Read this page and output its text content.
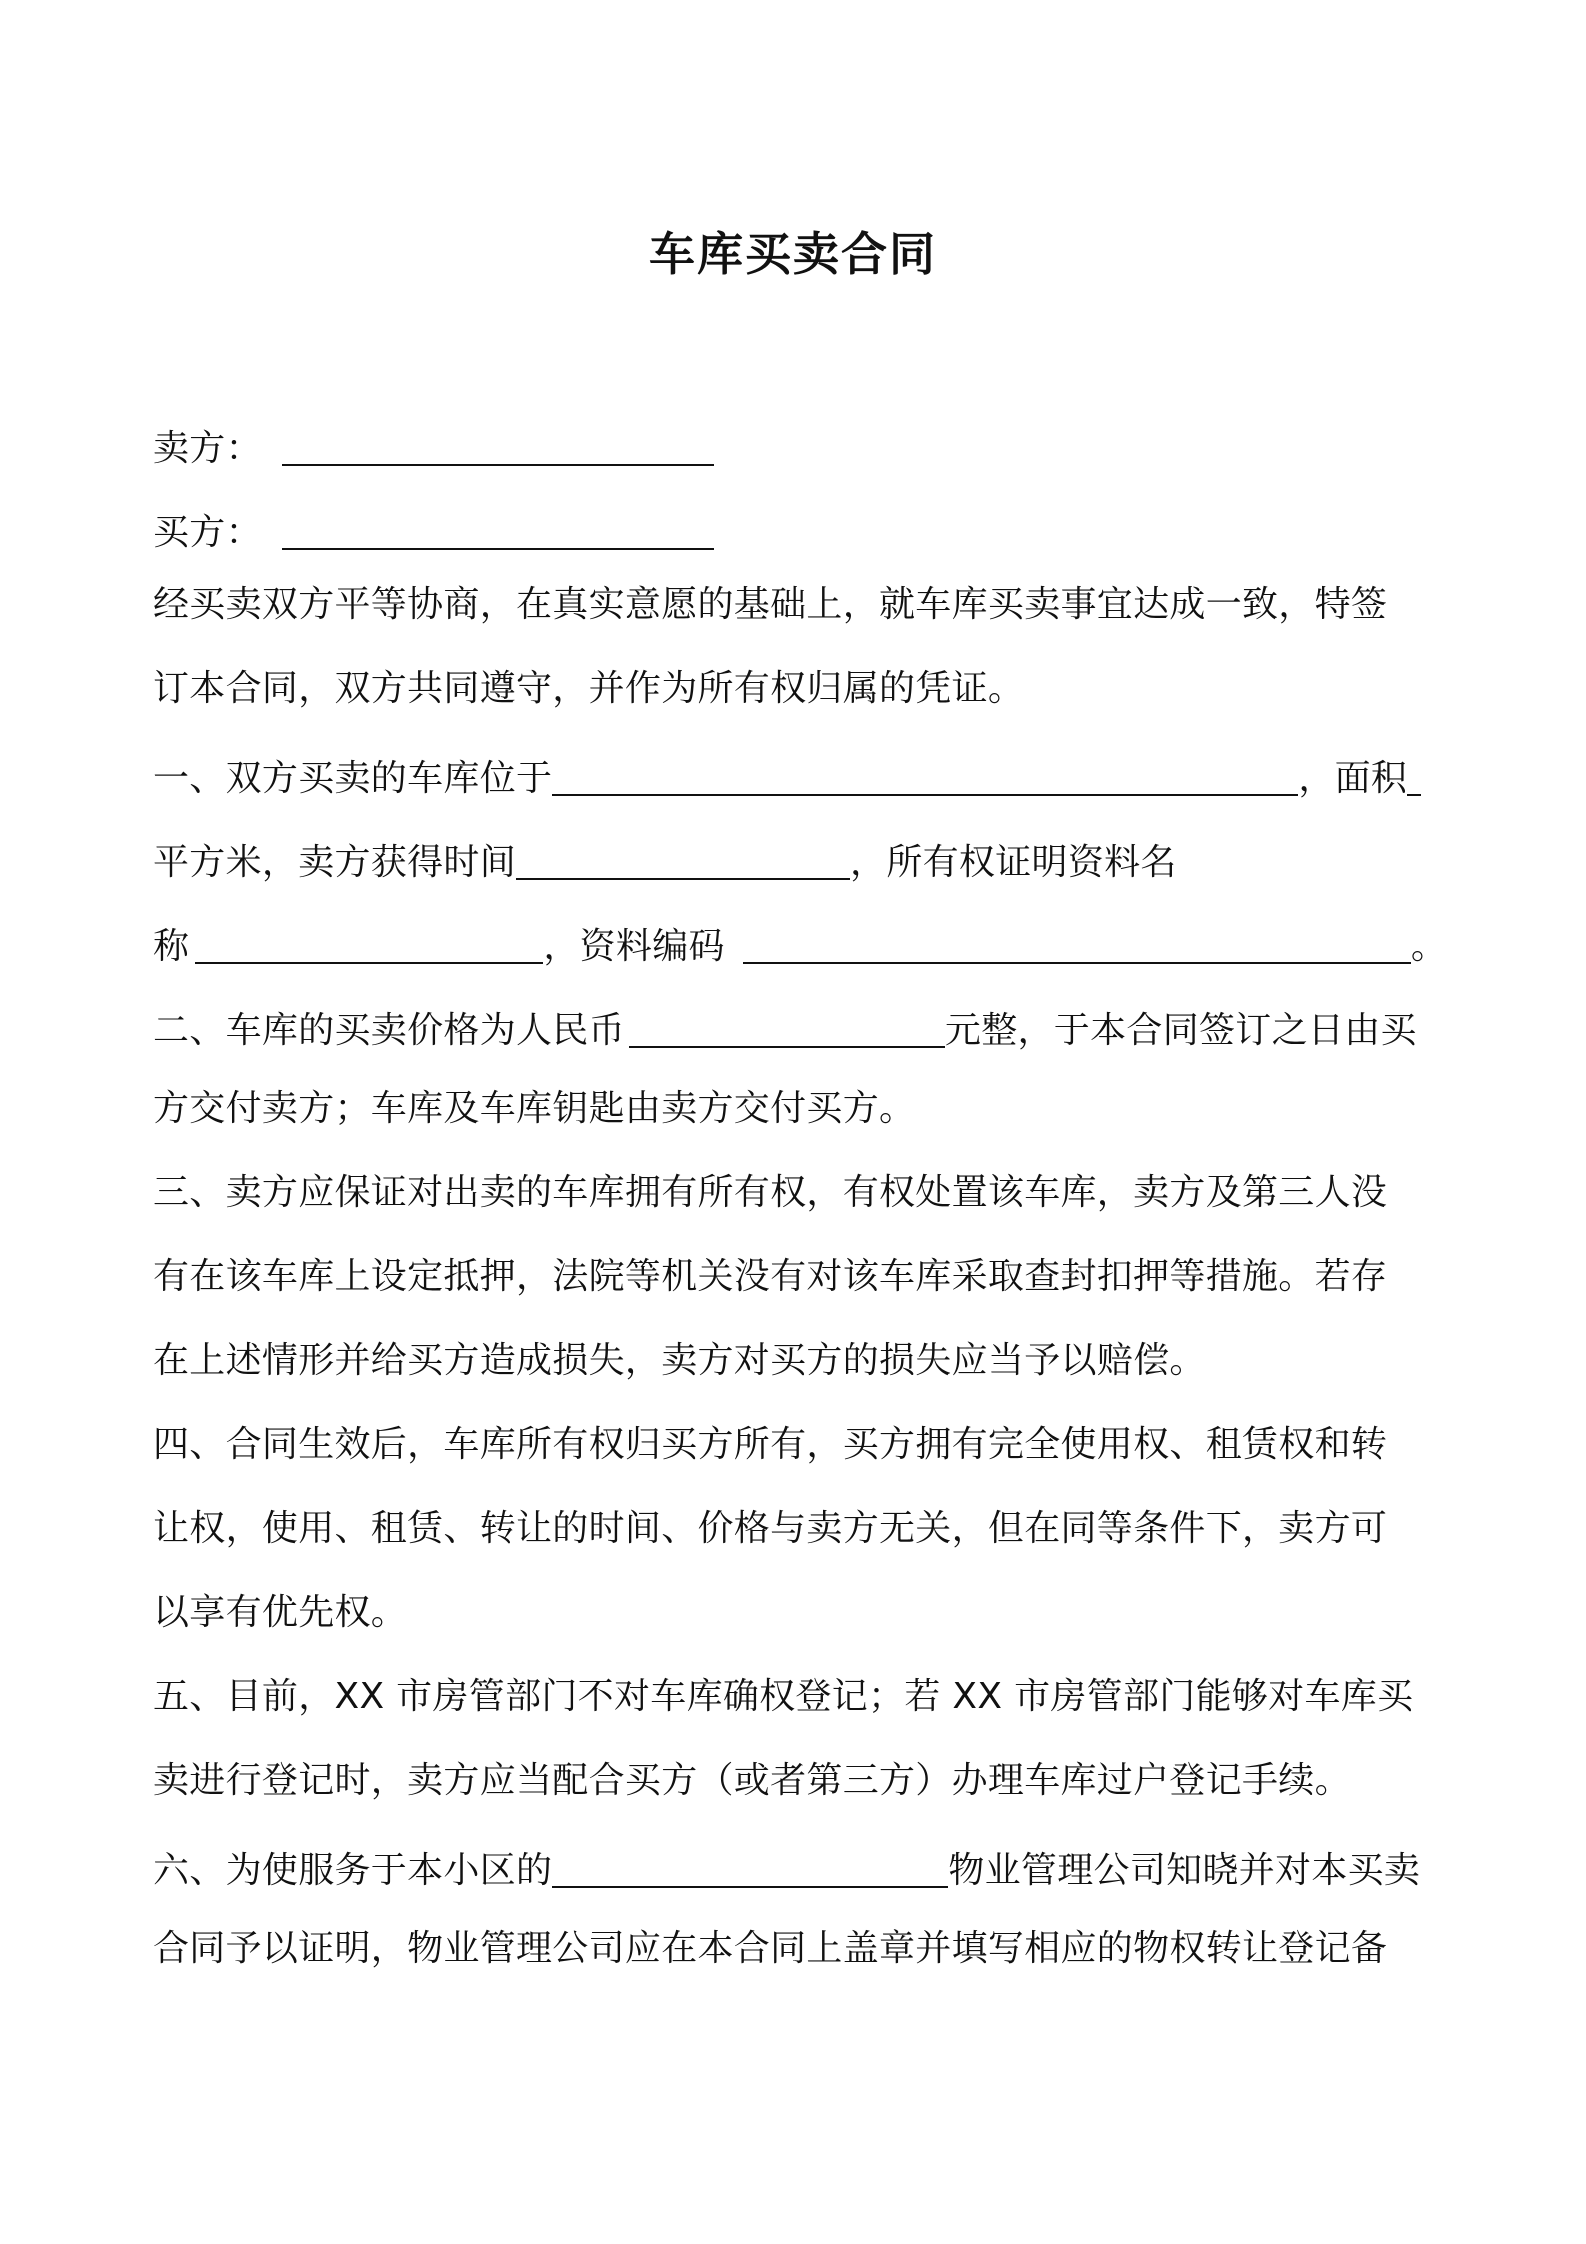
车库买卖合同
卖方：
买方：
经买卖双方平等协商，在真实意愿的基础上，就车库买卖事宜达成一致，特签
订本合同，双方共同遵守，并作为所有权归属的凭证。
一、双方买卖的车库位于	，面积
平方米，卖方获得时间	，所有权证明资料名
称	，资料编码	。
二、车库的买卖价格为人民币	元整，于本合同签订之日由买
方交付卖方；车库及车库钥匙由卖方交付买方。
三、卖方应保证对出卖的车库拥有所有权，有权处置该车库，卖方及第三人没
有在该车库上设定抵押，法院等机关没有对该车库采取查封扣押等措施。若存
在上述情形并给买方造成损失，卖方对买方的损失应当予以赔偿。
四、合同生效后，车库所有权归买方所有，买方拥有完全使用权、租赁权和转
让权，使用、租赁、转让的时间、价格与卖方无关，但在同等条件下，卖方可
以享有优先权。
五、目前，XX 市房管部门不对车库确权登记；若 XX 市房管部门能够对车库买
卖进行登记时，卖方应当配合买方（或者第三方）办理车库过户登记手续。
六、为使服务于本小区的	物业管理公司知晓并对本买卖
合同予以证明，物业管理公司应在本合同上盖章并填写相应的物权转让登记备
